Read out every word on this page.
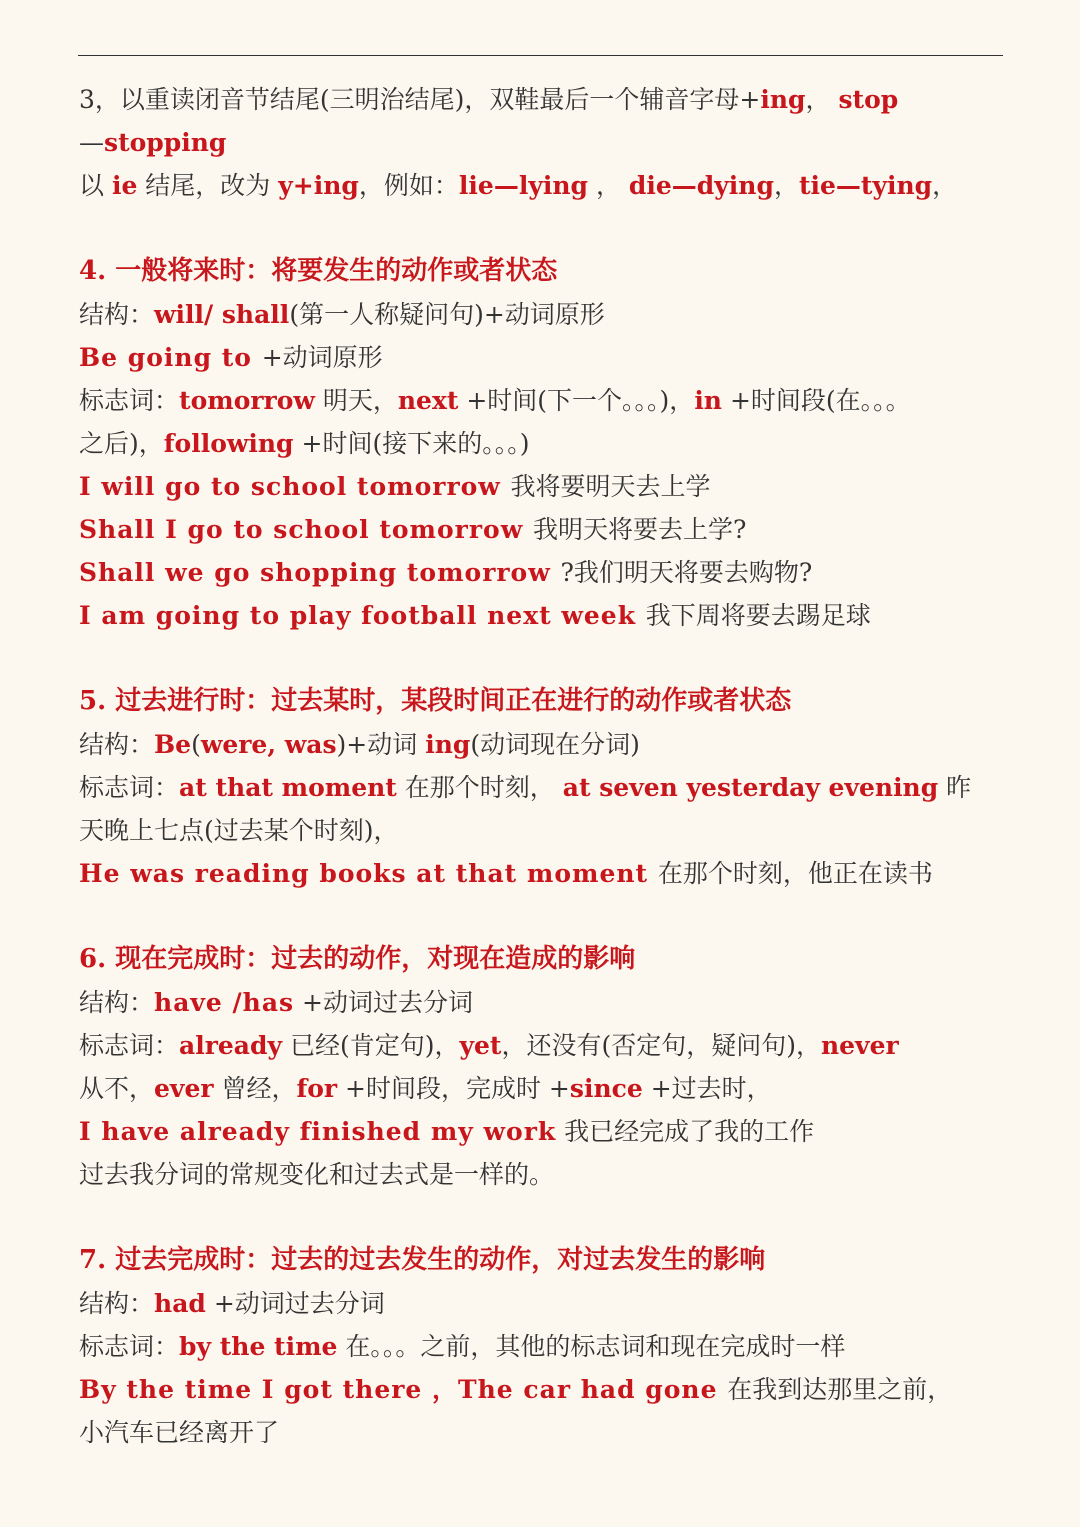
3，以重读闭音节结尾(三明治结尾)，双鞋最后一个辅音字母+ing， stop
—stopping
以 ie 结尾，改为 y+ing，例如：lie—lying ， die—dying，tie—tying，
4. 一般将来时：将要发生的动作或者状态
结构：will/ shall(第一人称疑问句)+动词原形
Be going to +动词原形
标志词：tomorrow 明天，next +时间(下一个。。。)，in +时间段(在。。。
之后)，following +时间(接下来的。。。)
I will go to school tomorrow 我将要明天去上学
Shall I go to school tomorrow 我明天将要去上学?
Shall we go shopping tomorrow ?我们明天将要去购物?
I am going to play football next week 我下周将要去踢足球
5. 过去进行时：过去某时，某段时间正在进行的动作或者状态
结构：Be(were, was)+动词 ing(动词现在分词)
标志词：at that moment 在那个时刻， at seven yesterday evening 昨
天晚上七点(过去某个时刻)，
He was reading books at that moment 在那个时刻，他正在读书
6. 现在完成时：过去的动作，对现在造成的影响
结构：have /has +动词过去分词
标志词：already 已经(肯定句)，yet，还没有(否定句，疑问句)，never
从不，ever 曾经，for +时间段，完成时 +since +过去时，
I have already finished my work 我已经完成了我的工作
过去我分词的常规变化和过去式是一样的。
7. 过去完成时：过去的过去发生的动作，对过去发生的影响
结构：had +动词过去分词
标志词：by the time 在。。。之前，其他的标志词和现在完成时一样
By the time I got there ，The car had gone 在我到达那里之前，
小汽车已经离开了
